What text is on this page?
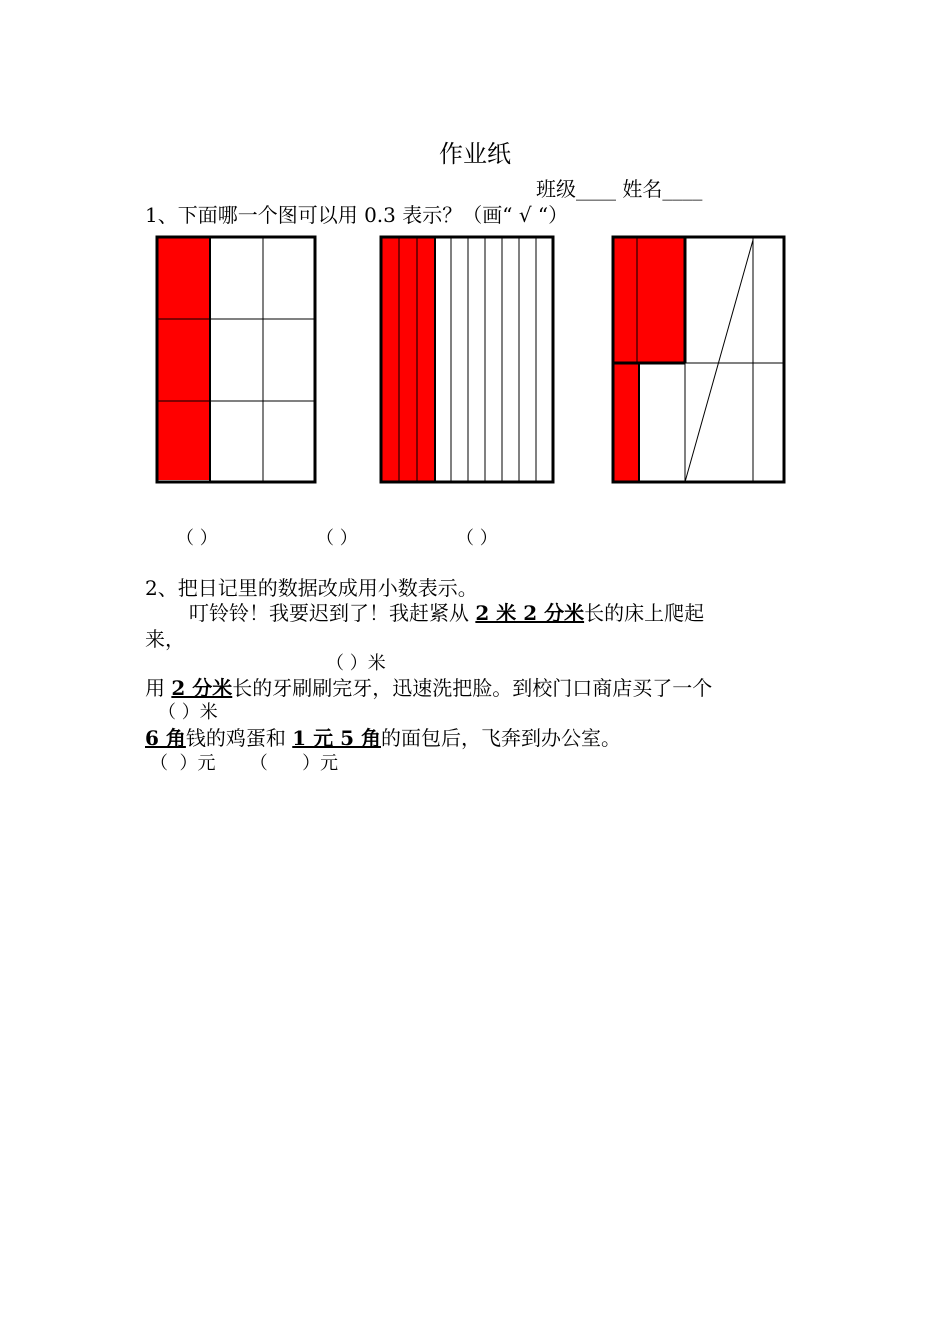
作业纸
班级____ 姓名____
1、下面哪一个图可以用 0.3 表示？（画“ √ “）
（ ）	（ ）	（ ）
2、把日记里的数据改成用小数表示。
叮铃铃！我要迟到了！我赶紧从 2 米 2 分米长的床上爬起
来，
（ ）米
用 2 分米长的牙刷刷完牙，迅速洗把脸。到校门口商店买了一个
（ ）米
6 角钱的鸡蛋和 1 元 5 角的面包后，飞奔到办公室。
（  ）元      （      ）元
